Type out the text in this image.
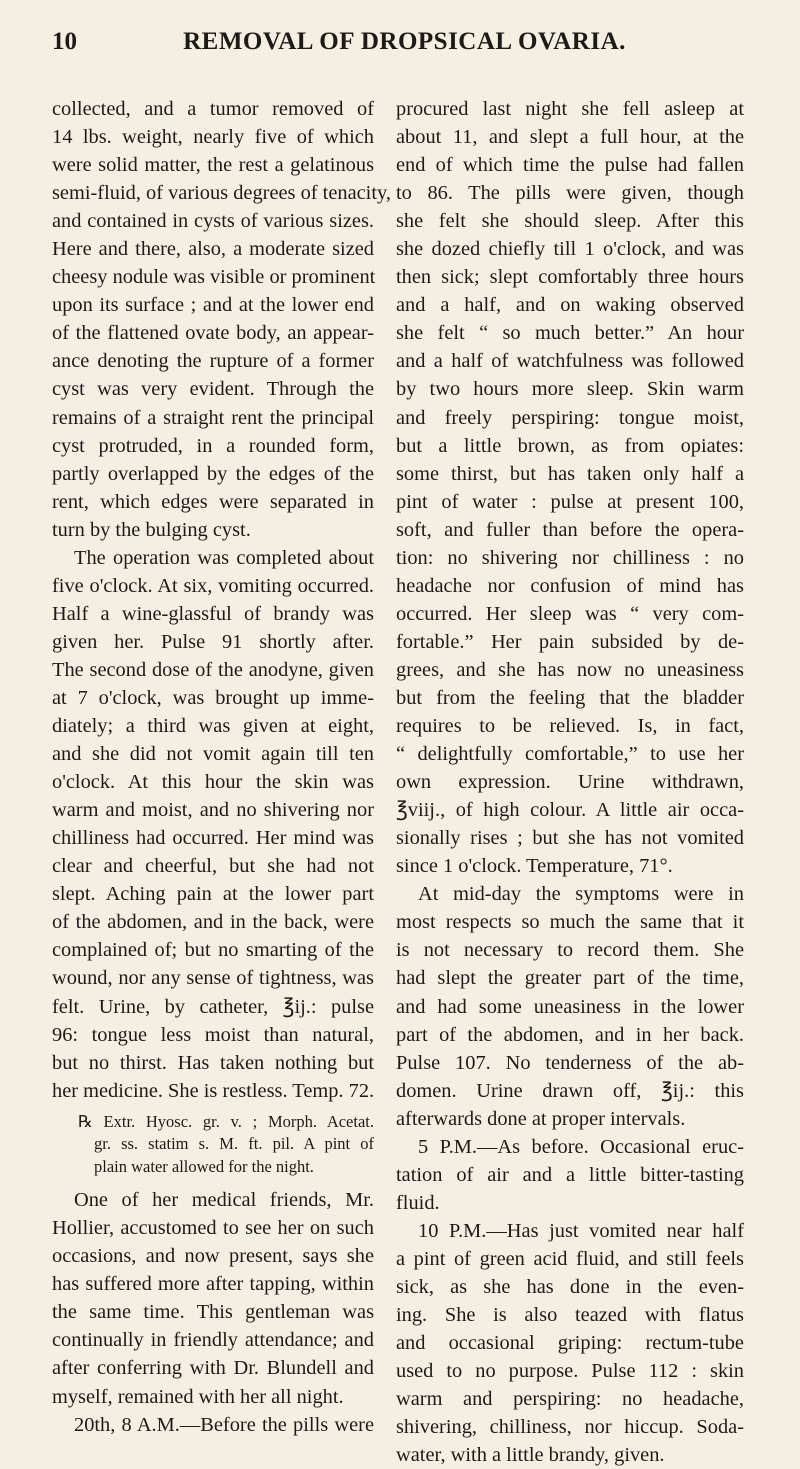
10	REMOVAL OF DROPSICAL OVARIA.
collected, and a tumor removed of
14 lbs. weight, nearly five of which
were solid matter, the rest a gelatinous
semi-fluid, of various degrees of tenacity,
and contained in cysts of various sizes.
Here and there, also, a moderate sized
cheesy nodule was visible or prominent
upon its surface ; and at the lower end
of the flattened ovate body, an appear-
ance denoting the rupture of a former
cyst was very evident. Through the
remains of a straight rent the principal
cyst protruded, in a rounded form,
partly overlapped by the edges of the
rent, which edges were separated in
turn by the bulging cyst.
The operation was completed about
five o'clock. At six, vomiting occurred.
Half a wine-glassful of brandy was
given her. Pulse 91 shortly after.
The second dose of the anodyne, given
at 7 o'clock, was brought up imme-
diately; a third was given at eight,
and she did not vomit again till ten
o'clock. At this hour the skin was
warm and moist, and no shivering nor
chilliness had occurred. Her mind was
clear and cheerful, but she had not
slept. Aching pain at the lower part
of the abdomen, and in the back, were
complained of; but no smarting of the
wound, nor any sense of tightness, was
felt. Urine, by catheter, ℥ij.: pulse
96: tongue less moist than natural,
but no thirst. Has taken nothing but
her medicine. She is restless. Temp. 72.
℞ Extr. Hyosc. gr. v. ; Morph. Acetat.
gr. ss. statim s. M. ft. pil. A pint of
plain water allowed for the night.
One of her medical friends, Mr.
Hollier, accustomed to see her on such
occasions, and now present, says she
has suffered more after tapping, within
the same time. This gentleman was
continually in friendly attendance; and
after conferring with Dr. Blundell and
myself, remained with her all night.
20th, 8 A.M.—Before the pills were
procured last night she fell asleep at
about 11, and slept a full hour, at the
end of which time the pulse had fallen
to 86. The pills were given, though
she felt she should sleep. After this
she dozed chiefly till 1 o'clock, and was
then sick; slept comfortably three hours
and a half, and on waking observed
she felt “ so much better.” An hour
and a half of watchfulness was followed
by two hours more sleep. Skin warm
and freely perspiring: tongue moist,
but a little brown, as from opiates:
some thirst, but has taken only half a
pint of water : pulse at present 100,
soft, and fuller than before the opera-
tion: no shivering nor chilliness : no
headache nor confusion of mind has
occurred. Her sleep was “ very com-
fortable.” Her pain subsided by de-
grees, and she has now no uneasiness
but from the feeling that the bladder
requires to be relieved. Is, in fact,
“ delightfully comfortable,” to use her
own expression. Urine withdrawn,
℥viij., of high colour. A little air occa-
sionally rises ; but she has not vomited
since 1 o'clock. Temperature, 71°.
At mid-day the symptoms were in
most respects so much the same that it
is not necessary to record them. She
had slept the greater part of the time,
and had some uneasiness in the lower
part of the abdomen, and in her back.
Pulse 107. No tenderness of the ab-
domen. Urine drawn off, ℥ij.: this
afterwards done at proper intervals.
5 P.M.—As before. Occasional eruc-
tation of air and a little bitter-tasting
fluid.
10 P.M.—Has just vomited near half
a pint of green acid fluid, and still feels
sick, as she has done in the even-
ing. She is also teazed with flatus
and occasional griping: rectum-tube
used to no purpose. Pulse 112 : skin
warm and perspiring: no headache,
shivering, chilliness, nor hiccup. Soda-
water, with a little brandy, given.
